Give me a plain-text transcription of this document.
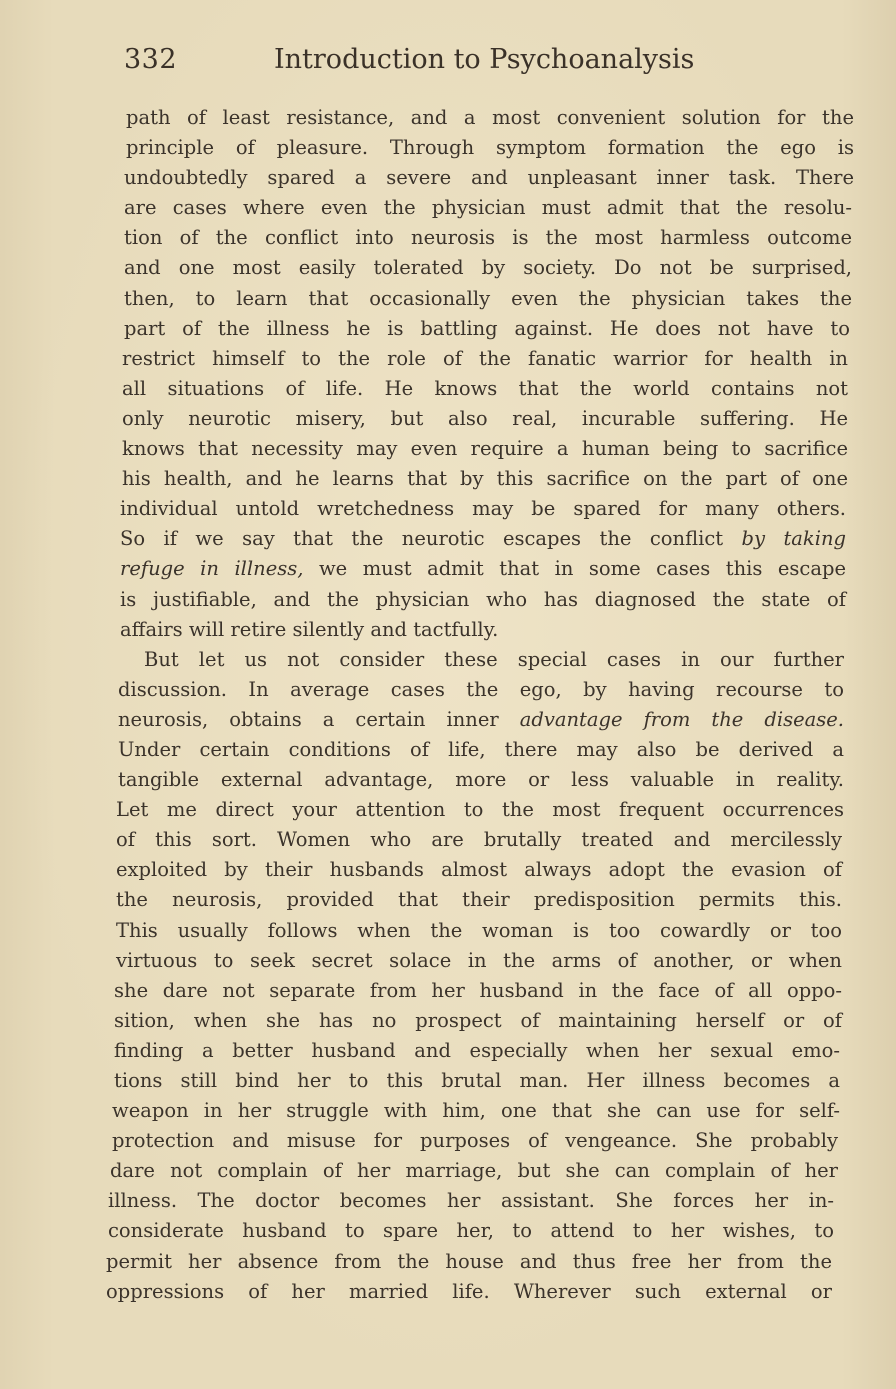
332	Introduction to Psychoanalysis
path of least resistance, and a most convenient solution for the
principle of pleasure. Through symptom formation the ego is
undoubtedly spared a severe and unpleasant inner task. There
are cases where even the physician must admit that the resolu-
tion of the conflict into neurosis is the most harmless outcome
and one most easily tolerated by society. Do not be surprised,
then, to learn that occasionally even the physician takes the
part of the illness he is battling against. He does not have to
restrict himself to the role of the fanatic warrior for health in
all situations of life. He knows that the world contains not
only neurotic misery, but also real, incurable suffering. He
knows that necessity may even require a human being to sacrifice
his health, and he learns that by this sacrifice on the part of one
individual untold wretchedness may be spared for many others.
So if we say that the neurotic escapes the conflict by taking
refuge in illness, we must admit that in some cases this escape
is justifiable, and the physician who has diagnosed the state of
affairs will retire silently and tactfully.
But let us not consider these special cases in our further
discussion. In average cases the ego, by having recourse to
neurosis, obtains a certain inner advantage from the disease.
Under certain conditions of life, there may also be derived a
tangible external advantage, more or less valuable in reality.
Let me direct your attention to the most frequent occurrences
of this sort. Women who are brutally treated and mercilessly
exploited by their husbands almost always adopt the evasion of
the neurosis, provided that their predisposition permits this.
This usually follows when the woman is too cowardly or too
virtuous to seek secret solace in the arms of another, or when
she dare not separate from her husband in the face of all oppo-
sition, when she has no prospect of maintaining herself or of
finding a better husband and especially when her sexual emo-
tions still bind her to this brutal man. Her illness becomes a
weapon in her struggle with him, one that she can use for self-
protection and misuse for purposes of vengeance. She probably
dare not complain of her marriage, but she can complain of her
illness. The doctor becomes her assistant. She forces her in-
considerate husband to spare her, to attend to her wishes, to
permit her absence from the house and thus free her from the
oppressions of her married life. Wherever such external or
